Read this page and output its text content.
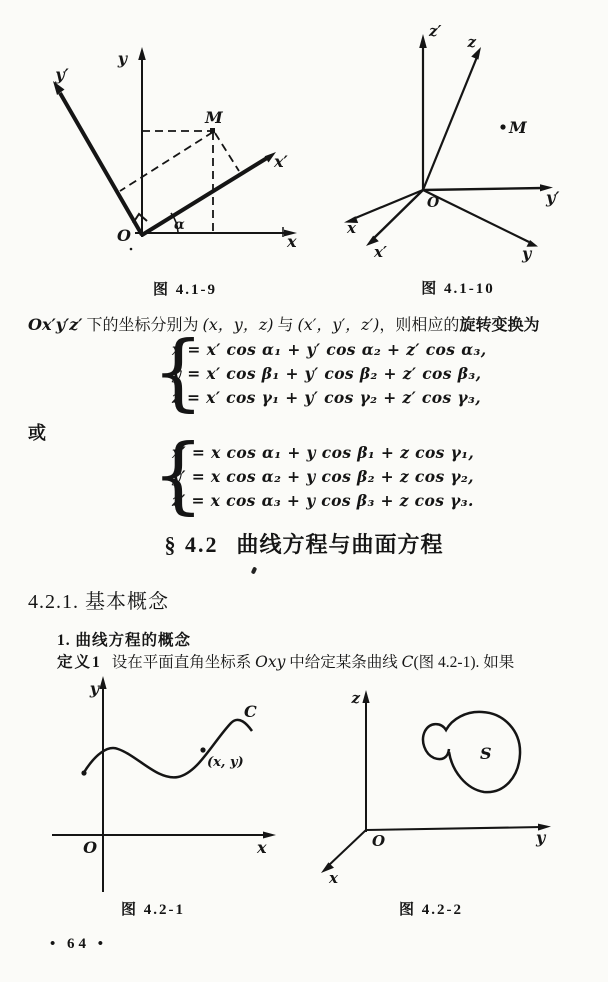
y
x
y′
x′
M
O
α
图 4.1-9
z′
z
y′
y
x
x′
M
O
图 4.1-10

Ox′y′z′ 下的坐标分别为 (x，y，z) 与 (x′，y′，z′)，则相应的旋转变换为

{
x = x′ cos α₁ + y′ cos α₂ + z′ cos α₃,
y = x′ cos β₁ + y′ cos β₂ + z′ cos β₃,
z = x′ cos γ₁ + y′ cos γ₂ + z′ cos γ₃,
或 {
x′ = x cos α₁ + y cos β₁ + z cos γ₁,
y′ = x cos α₂ + y cos β₂ + z cos γ₂,
z′ = x cos α₃ + y cos β₃ + z cos γ₃.
§ 4.2 曲线方程与曲面方程
4.2.1. 基本概念
1. 曲线方程的概念

定义1 设在平面直角坐标系 Oxy 中给定某条曲线 C(图 4.2-1). 如果

y
x
O
C
(x, y)
图 4.2-1
z
y
x
O
S
图 4.2-2
• 64 •
